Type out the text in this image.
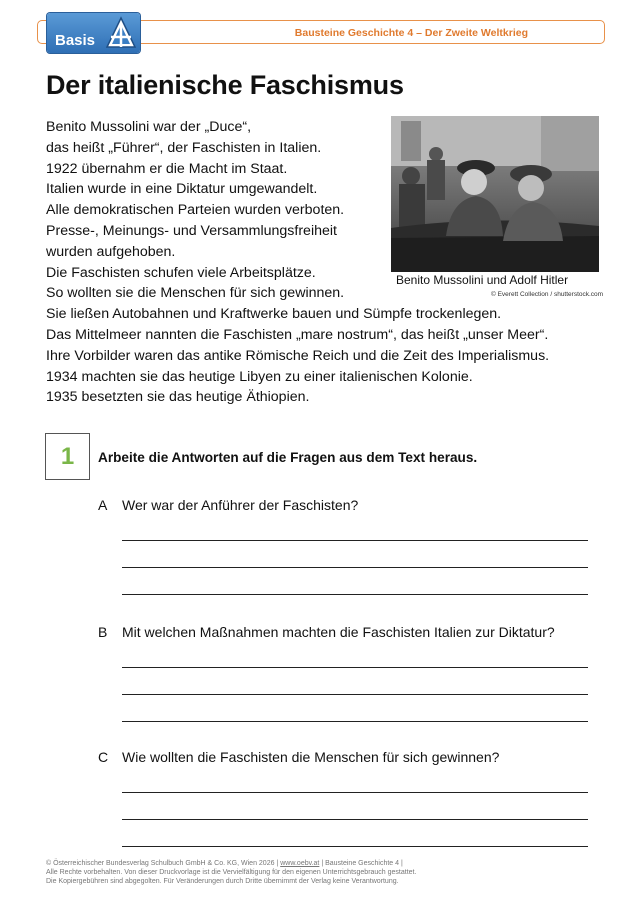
Bausteine Geschichte 4 – Der Zweite Weltkrieg
Basis
Der italienische Faschismus
Benito Mussolini war der „Duce“,
das heißt „Führer“, der Faschisten in Italien.
1922 übernahm er die Macht im Staat.
Italien wurde in eine Diktatur umgewandelt.
Alle demokratischen Parteien wurden verboten.
Presse-, Meinungs- und Versammlungsfreiheit
wurden aufgehoben.
Die Faschisten schufen viele Arbeitsplätze.
So wollten sie die Menschen für sich gewinnen.
Sie ließen Autobahnen und Kraftwerke bauen und Sümpfe trockenlegen.
Das Mittelmeer nannten die Faschisten „mare nostrum“, das heißt „unser Meer“.
Ihre Vorbilder waren das antike Römische Reich und die Zeit des Imperialismus.
1934 machten sie das heutige Libyen zu einer italienischen Kolonie.
1935 besetzten sie das heutige Äthiopien.
Benito Mussolini und Adolf Hitler
© Everett Collection / shutterstock.com
1	Arbeite die Antworten auf die Fragen aus dem Text heraus.
A Wer war der Anführer der Faschisten?
B Mit welchen Maßnahmen machten die Faschisten Italien zur Diktatur?
C Wie wollten die Faschisten die Menschen für sich gewinnen?
© Österreichischer Bundesverlag Schulbuch GmbH & Co. KG, Wien 2026 | www.oebv.at | Bausteine Geschichte 4 |
Alle Rechte vorbehalten. Von dieser Druckvorlage ist die Vervielfältigung für den eigenen Unterrichtsgebrauch gestattet.
Die Kopiergebühren sind abgegolten. Für Veränderungen durch Dritte übernimmt der Verlag keine Verantwortung.
